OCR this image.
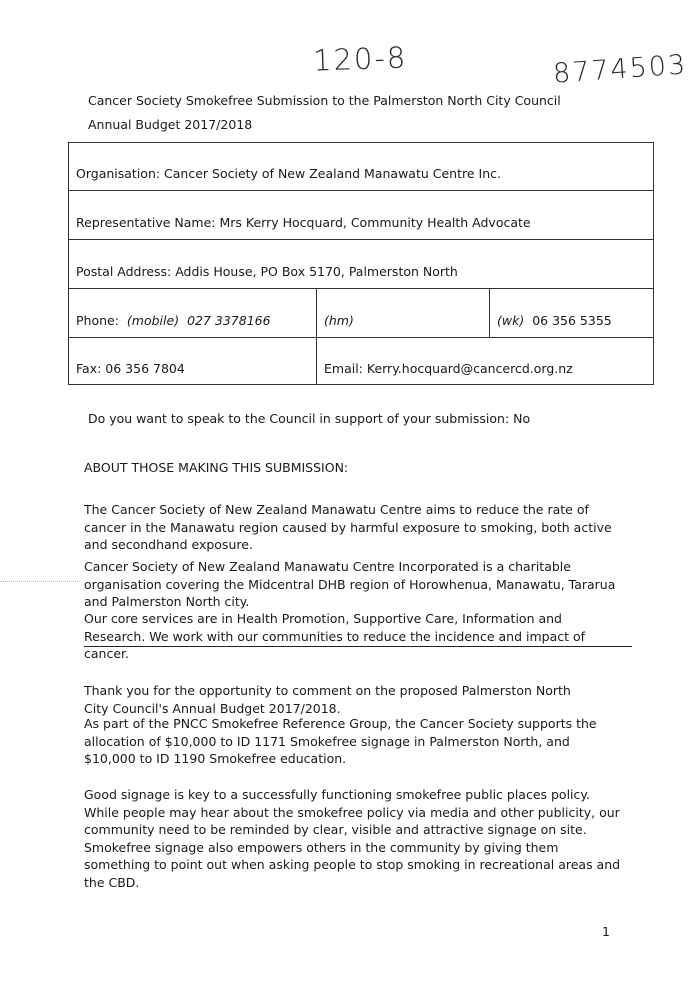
120-8	8774503
Cancer Society Smokefree Submission to the Palmerston North City Council
Annual Budget 2017/2018
Organisation: Cancer Society of New Zealand Manawatu Centre Inc.
Representative Name: Mrs Kerry Hocquard, Community Health Advocate
Postal Address: Addis House, PO Box 5170, Palmerston North
Phone: (mobile) 027 3378166	(hm)	(wk) 06 356 5355
Fax: 06 356 7804	Email: Kerry.hocquard@cancercd.org.nz
Do you want to speak to the Council in support of your submission: No
ABOUT THOSE MAKING THIS SUBMISSION:

The Cancer Society of New Zealand Manawatu Centre aims to reduce the rate of cancer in the Manawatu region caused by harmful exposure to smoking, both active and secondhand exposure.

Cancer Society of New Zealand Manawatu Centre Incorporated is a charitable organisation covering the Midcentral DHB region of Horowhenua, Manawatu, Tararua and Palmerston North city.

Our core services are in Health Promotion, Supportive Care, Information and Research. We work with our communities to reduce the incidence and impact of cancer.

Thank you for the opportunity to comment on the proposed Palmerston North City Council's Annual Budget 2017/2018.

As part of the PNCC Smokefree Reference Group, the Cancer Society supports the allocation of $10,000 to ID 1171 Smokefree signage in Palmerston North, and $10,000 to ID 1190 Smokefree education.

Good signage is key to a successfully functioning smokefree public places policy. While people may hear about the smokefree policy via media and other publicity, our community need to be reminded by clear, visible and attractive signage on site. Smokefree signage also empowers others in the community by giving them something to point out when asking people to stop smoking in recreational areas and the CBD.

1
